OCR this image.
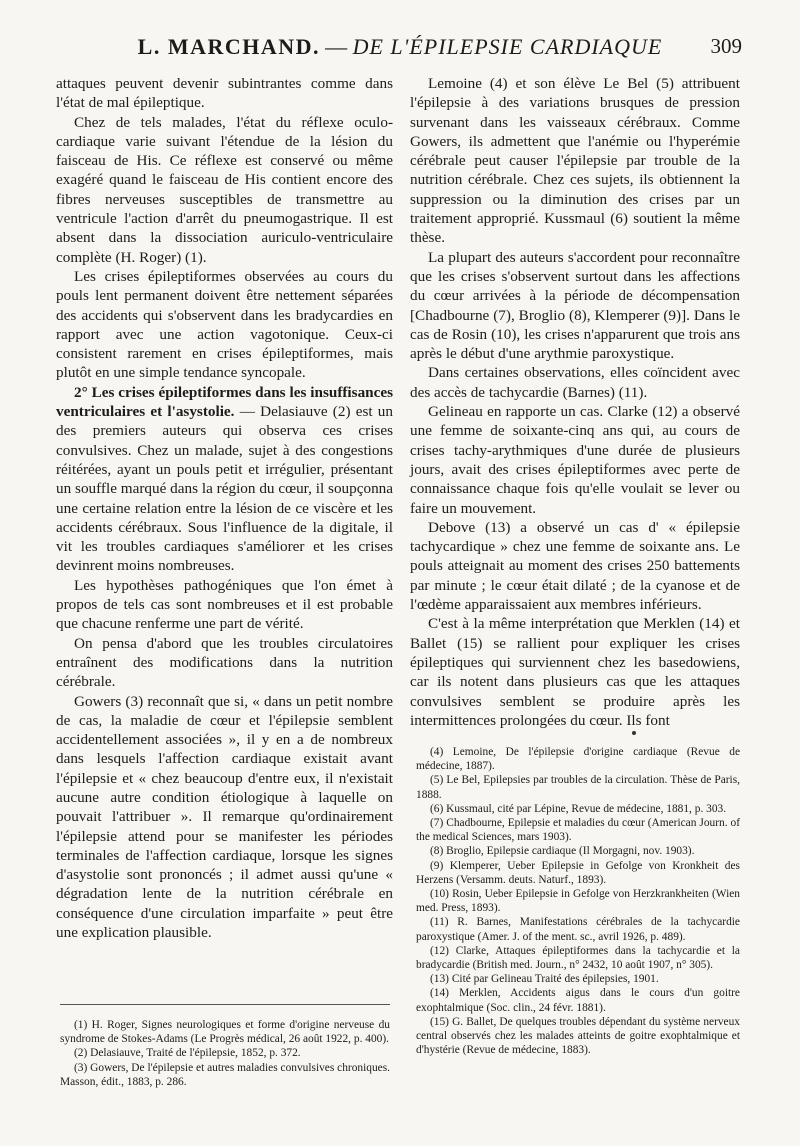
L. MARCHAND. — DE L'ÉPILEPSIE CARDIAQUE	309

attaques peuvent devenir subintrantes comme dans l'état de mal épileptique.

Chez de tels malades, l'état du réflexe oculo-cardiaque varie suivant l'étendue de la lésion du faisceau de His. Ce réflexe est conservé ou même exagéré quand le faisceau de His contient encore des fibres nerveuses susceptibles de transmettre au ventricule l'action d'arrêt du pneumogastrique. Il est absent dans la dissociation auriculo-ventriculaire complète (H. Roger) (1).

Les crises épileptiformes observées au cours du pouls lent permanent doivent être nettement séparées des accidents qui s'observent dans les bradycardies en rapport avec une action vagotonique. Ceux-ci consistent rarement en crises épileptiformes, mais plutôt en une simple tendance syncopale.

2° Les crises épileptiformes dans les insuffisances ventriculaires et l'asystolie. — Delasiauve (2) est un des premiers auteurs qui observa ces crises convulsives. Chez un malade, sujet à des congestions réitérées, ayant un pouls petit et irrégulier, présentant un souffle marqué dans la région du cœur, il soupçonna une certaine relation entre la lésion de ce viscère et les accidents cérébraux. Sous l'influence de la digitale, il vit les troubles cardiaques s'améliorer et les crises devinrent moins nombreuses.

Les hypothèses pathogéniques que l'on émet à propos de tels cas sont nombreuses et il est probable que chacune renferme une part de vérité.

On pensa d'abord que les troubles circulatoires entraînent des modifications dans la nutrition cérébrale.

Gowers (3) reconnaît que si, « dans un petit nombre de cas, la maladie de cœur et l'épilepsie semblent accidentellement associées », il y en a de nombreux dans lesquels l'affection cardiaque existait avant l'épilepsie et « chez beaucoup d'entre eux, il n'existait aucune autre condition étiologique à laquelle on pouvait l'attribuer ». Il remarque qu'ordinairement l'épilepsie attend pour se manifester les périodes terminales de l'affection cardiaque, lorsque les signes d'asystolie sont prononcés ; il admet aussi qu'une « dégradation lente de la nutrition cérébrale en conséquence d'une circulation imparfaite » peut être une explication plausible.

(1) H. Roger, Signes neurologiques et forme d'origine nerveuse du syndrome de Stokes-Adams (Le Progrès médical, 26 août 1922, p. 400).
(2) Delasiauve, Traité de l'épilepsie, 1852, p. 372.
(3) Gowers, De l'épilepsie et autres maladies convulsives chroniques. Masson, édit., 1883, p. 286.

Lemoine (4) et son élève Le Bel (5) attribuent l'épilepsie à des variations brusques de pression survenant dans les vaisseaux cérébraux. Comme Gowers, ils admettent que l'anémie ou l'hyperémie cérébrale peut causer l'épilepsie par trouble de la nutrition cérébrale. Chez ces sujets, ils obtiennent la suppression ou la diminution des crises par un traitement approprié. Kussmaul (6) soutient la même thèse.

La plupart des auteurs s'accordent pour reconnaître que les crises s'observent surtout dans les affections du cœur arrivées à la période de décompensation [Chadbourne (7), Broglio (8), Klemperer (9)]. Dans le cas de Rosin (10), les crises n'apparurent que trois ans après le début d'une arythmie paroxystique.

Dans certaines observations, elles coïncident avec des accès de tachycardie (Barnes) (11).

Gelineau en rapporte un cas. Clarke (12) a observé une femme de soixante-cinq ans qui, au cours de crises tachy-arythmiques d'une durée de plusieurs jours, avait des crises épileptiformes avec perte de connaissance chaque fois qu'elle voulait se lever ou faire un mouvement.

Debove (13) a observé un cas d' « épilepsie tachycardique » chez une femme de soixante ans. Le pouls atteignait au moment des crises 250 battements par minute ; le cœur était dilaté ; de la cyanose et de l'œdème apparaissaient aux membres inférieurs.

C'est à la même interprétation que Merklen (14) et Ballet (15) se rallient pour expliquer les crises épileptiques qui surviennent chez les basedowiens, car ils notent dans plusieurs cas que les attaques convulsives semblent se produire après les intermittences prolongées du cœur. Ils font

(4) Lemoine, De l'épilepsie d'origine cardiaque (Revue de médecine, 1887).
(5) Le Bel, Epilepsies par troubles de la circulation. Thèse de Paris, 1888.
(6) Kussmaul, cité par Lépine, Revue de médecine, 1881, p. 303.
(7) Chadbourne, Epilepsie et maladies du cœur (American Journ. of the medical Sciences, mars 1903).
(8) Broglio, Epilepsie cardiaque (Il Morgagni, nov. 1903).
(9) Klemperer, Ueber Epilepsie in Gefolge von Kronkheit des Herzens (Versamm. deuts. Naturf., 1893).
(10) Rosin, Ueber Epilepsie in Gefolge von Herzkrankheiten (Wien med. Press, 1893).
(11) R. Barnes, Manifestations cérébrales de la tachycardie paroxystique (Amer. J. of the ment. sc., avril 1926, p. 489).
(12) Clarke, Attaques épileptiformes dans la tachycardie et la bradycardie (British med. Journ., n° 2432, 10 août 1907, n° 305).
(13) Cité par Gelineau Traité des épilepsies, 1901.
(14) Merklen, Accidents aigus dans le cours d'un goitre exophtalmique (Soc. clin., 24 févr. 1881).
(15) G. Ballet, De quelques troubles dépendant du système nerveux central observés chez les malades atteints de goitre exophtalmique et d'hystérie (Revue de médecine, 1883).
